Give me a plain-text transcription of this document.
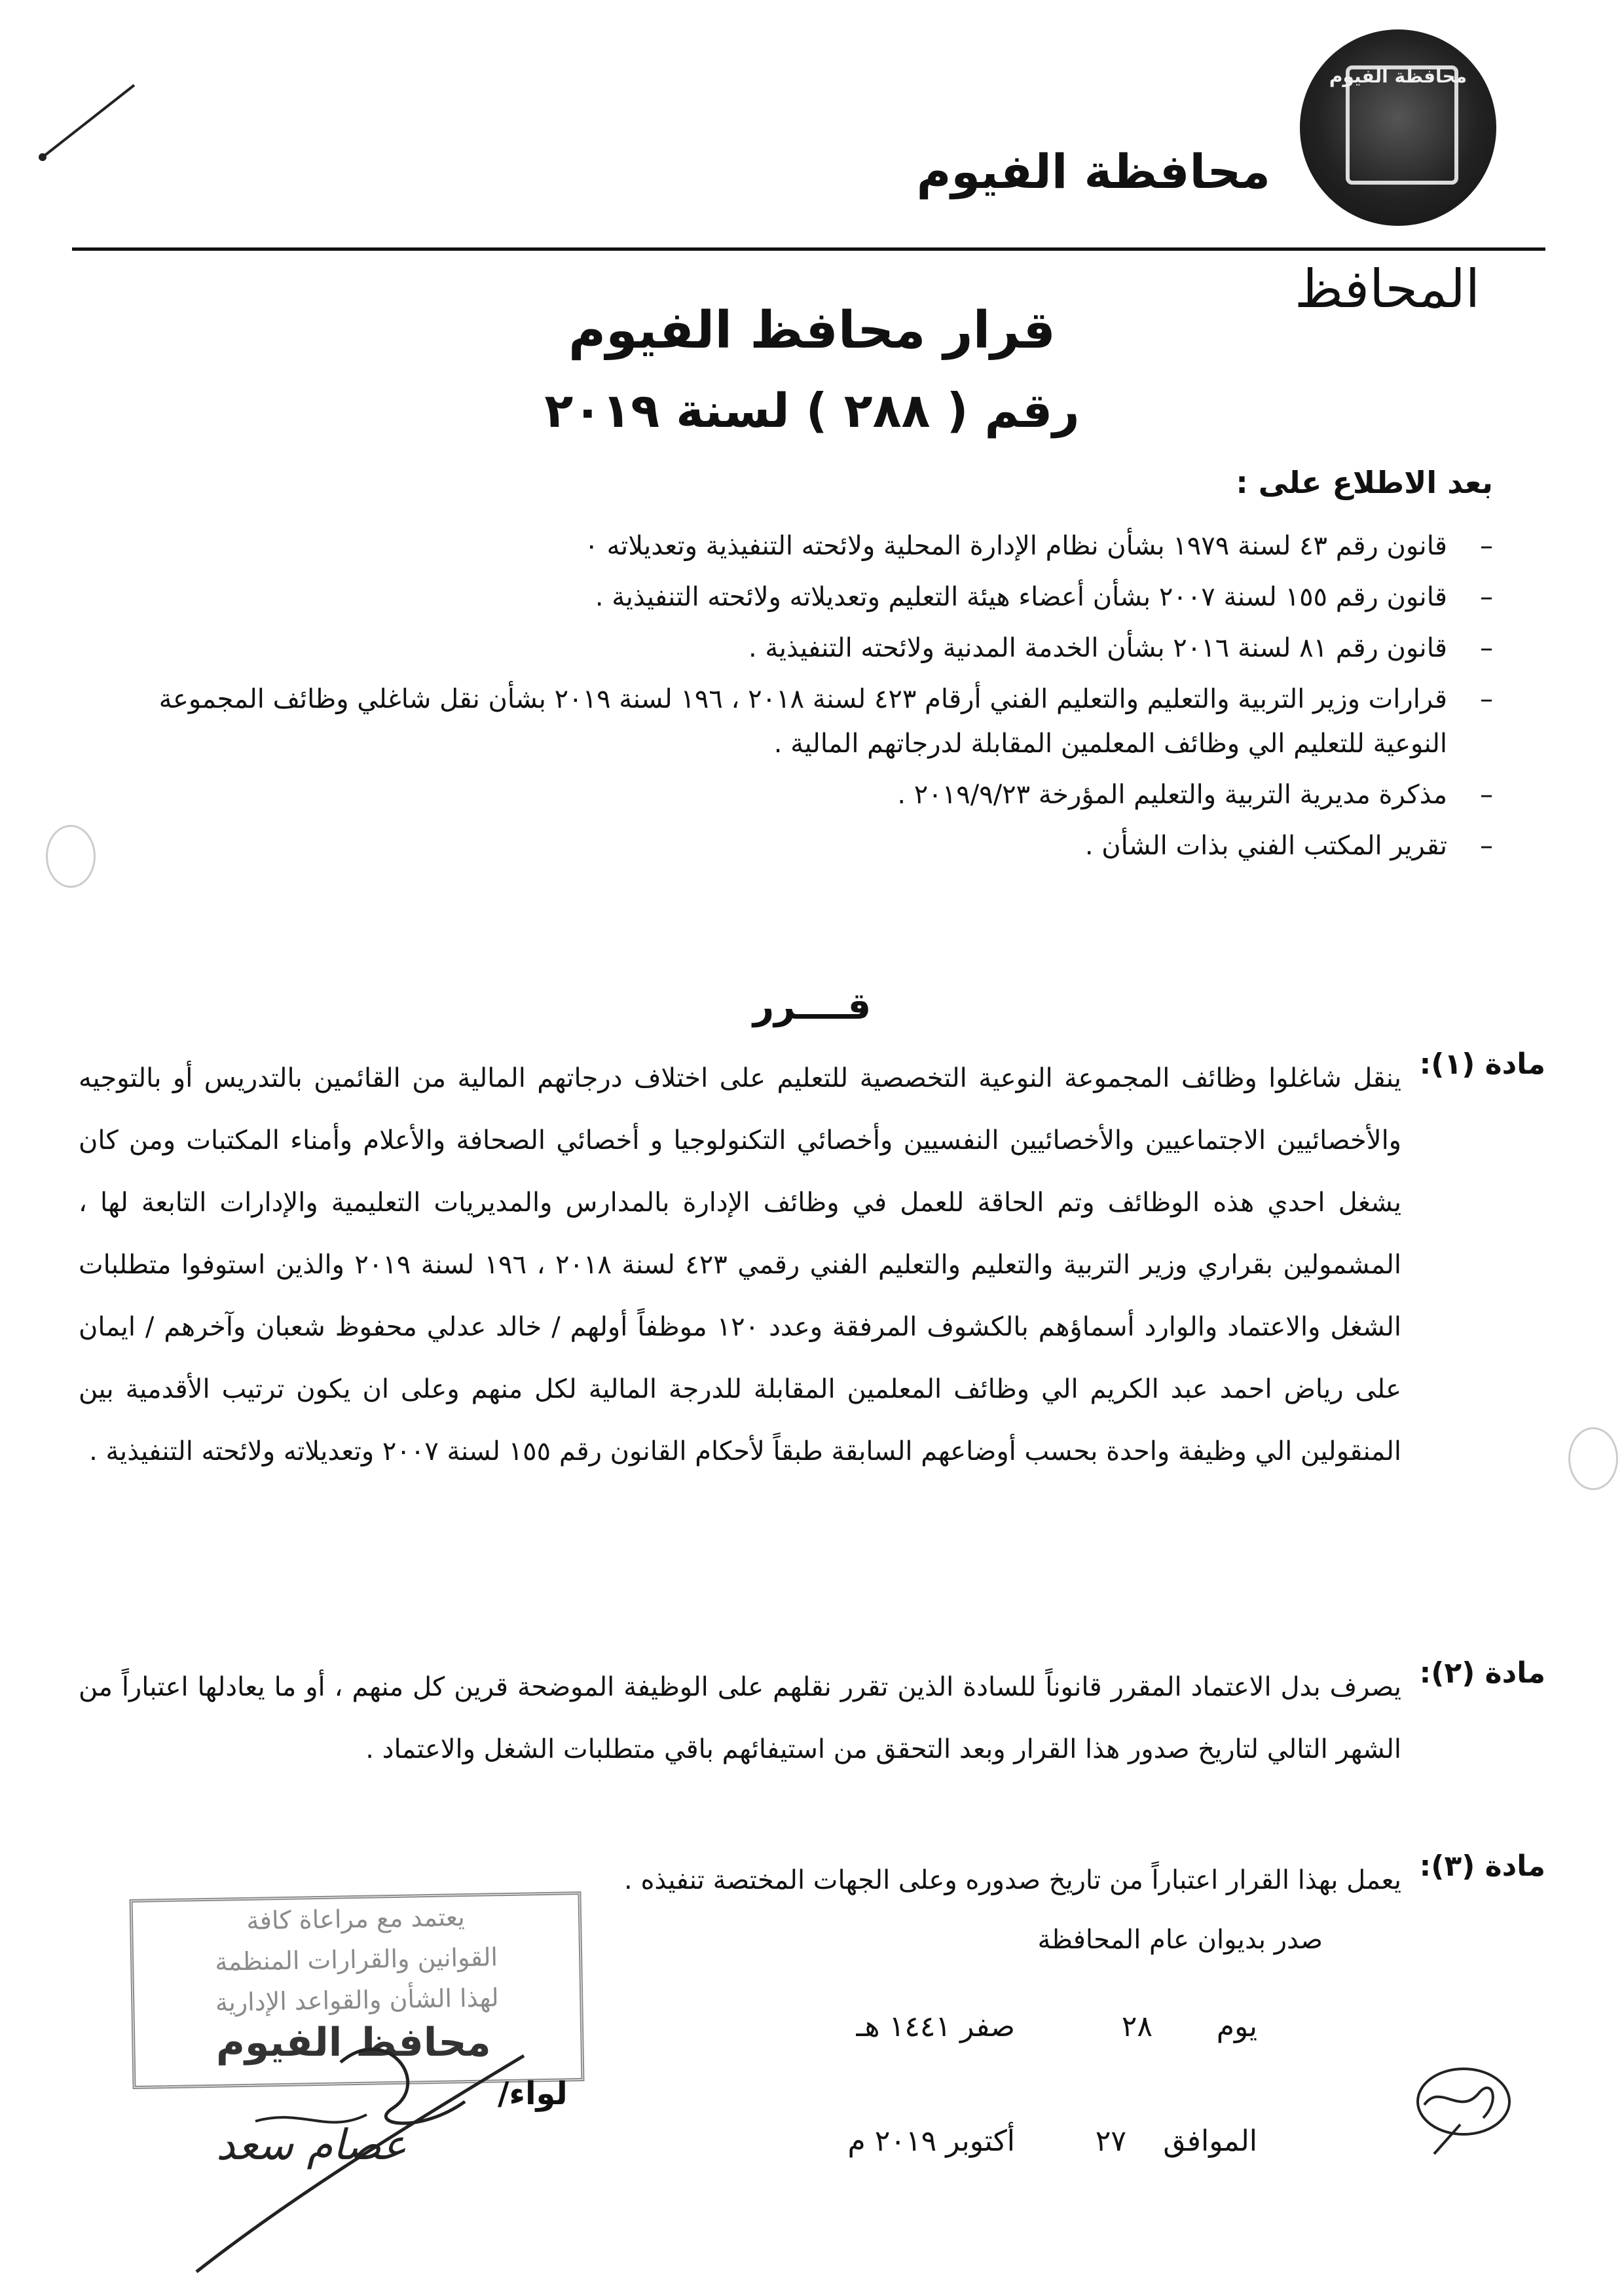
محافظة الفيوم
محافظة الفيوم
المحافظ
قرار محافظ الفيوم
رقم ( ٢٨٨ ) لسنة ٢٠١٩
بعد الاطلاع على :
–
قانون رقم ٤٣ لسنة ١٩٧٩ بشأن نظام الإدارة المحلية ولائحته التنفيذية وتعديلاته ٠
–
قانون رقم ١٥٥ لسنة ٢٠٠٧ بشأن أعضاء هيئة التعليم وتعديلاته ولائحته التنفيذية .
–
قانون رقم ٨١ لسنة ٢٠١٦ بشأن الخدمة المدنية ولائحته التنفيذية .
–
قرارات وزير التربية والتعليم والتعليم الفني أرقام ٤٢٣ لسنة ٢٠١٨ ، ١٩٦ لسنة ٢٠١٩ بشأن نقل شاغلي وظائف المجموعة النوعية للتعليم الي وظائف المعلمين المقابلة لدرجاتهم المالية .
–
مذكرة مديرية التربية والتعليم المؤرخة ٢٠١٩/٩/٢٣ .
–
تقرير المكتب الفني بذات الشأن .
قــــرر
مادة (١):
ينقل شاغلوا وظائف المجموعة النوعية التخصصية للتعليم على اختلاف درجاتهم المالية من القائمين بالتدريس أو بالتوجيه والأخصائيين الاجتماعيين والأخصائيين النفسيين وأخصائي التكنولوجيا و أخصائي الصحافة والأعلام وأمناء المكتبات ومن كان يشغل احدي هذه الوظائف وتم الحاقة للعمل في وظائف الإدارة بالمدارس والمديريات التعليمية والإدارات التابعة لها ، المشمولين بقراري وزير التربية والتعليم والتعليم الفني رقمي ٤٢٣ لسنة ٢٠١٨ ، ١٩٦ لسنة ٢٠١٩ والذين استوفوا متطلبات الشغل والاعتماد والوارد أسماؤهم بالكشوف المرفقة وعدد ١٢٠ موظفاً أولهم / خالد عدلي محفوظ شعبان وآخرهم / ايمان على رياض احمد عبد الكريم الي وظائف المعلمين المقابلة للدرجة المالية لكل منهم وعلى ان يكون ترتيب الأقدمية بين المنقولين الي وظيفة واحدة بحسب أوضاعهم السابقة طبقاً لأحكام القانون رقم ١٥٥ لسنة ٢٠٠٧ وتعديلاته ولائحته التنفيذية .
مادة (٢):
يصرف بدل الاعتماد المقرر قانوناً للسادة الذين تقرر نقلهم على الوظيفة الموضحة قرين كل منهم ، أو ما يعادلها اعتباراً من الشهر التالي لتاريخ صدور هذا القرار وبعد التحقق من استيفائهم باقي متطلبات الشغل والاعتماد .
مادة (٣):
يعمل بهذا القرار اعتباراً من تاريخ صدوره وعلى الجهات المختصة تنفيذه .
صدر بديوان عام المحافظة
يوم
٢٨
صفر ١٤٤١ هـ
الموافق
٢٧
أكتوبر ٢٠١٩ م
يعتمد مع مراعاة كافة
القوانين والقرارات المنظمة
لهذا الشأن والقواعد الإدارية
محافظ الفيوم
لواء/
عصام سعد
